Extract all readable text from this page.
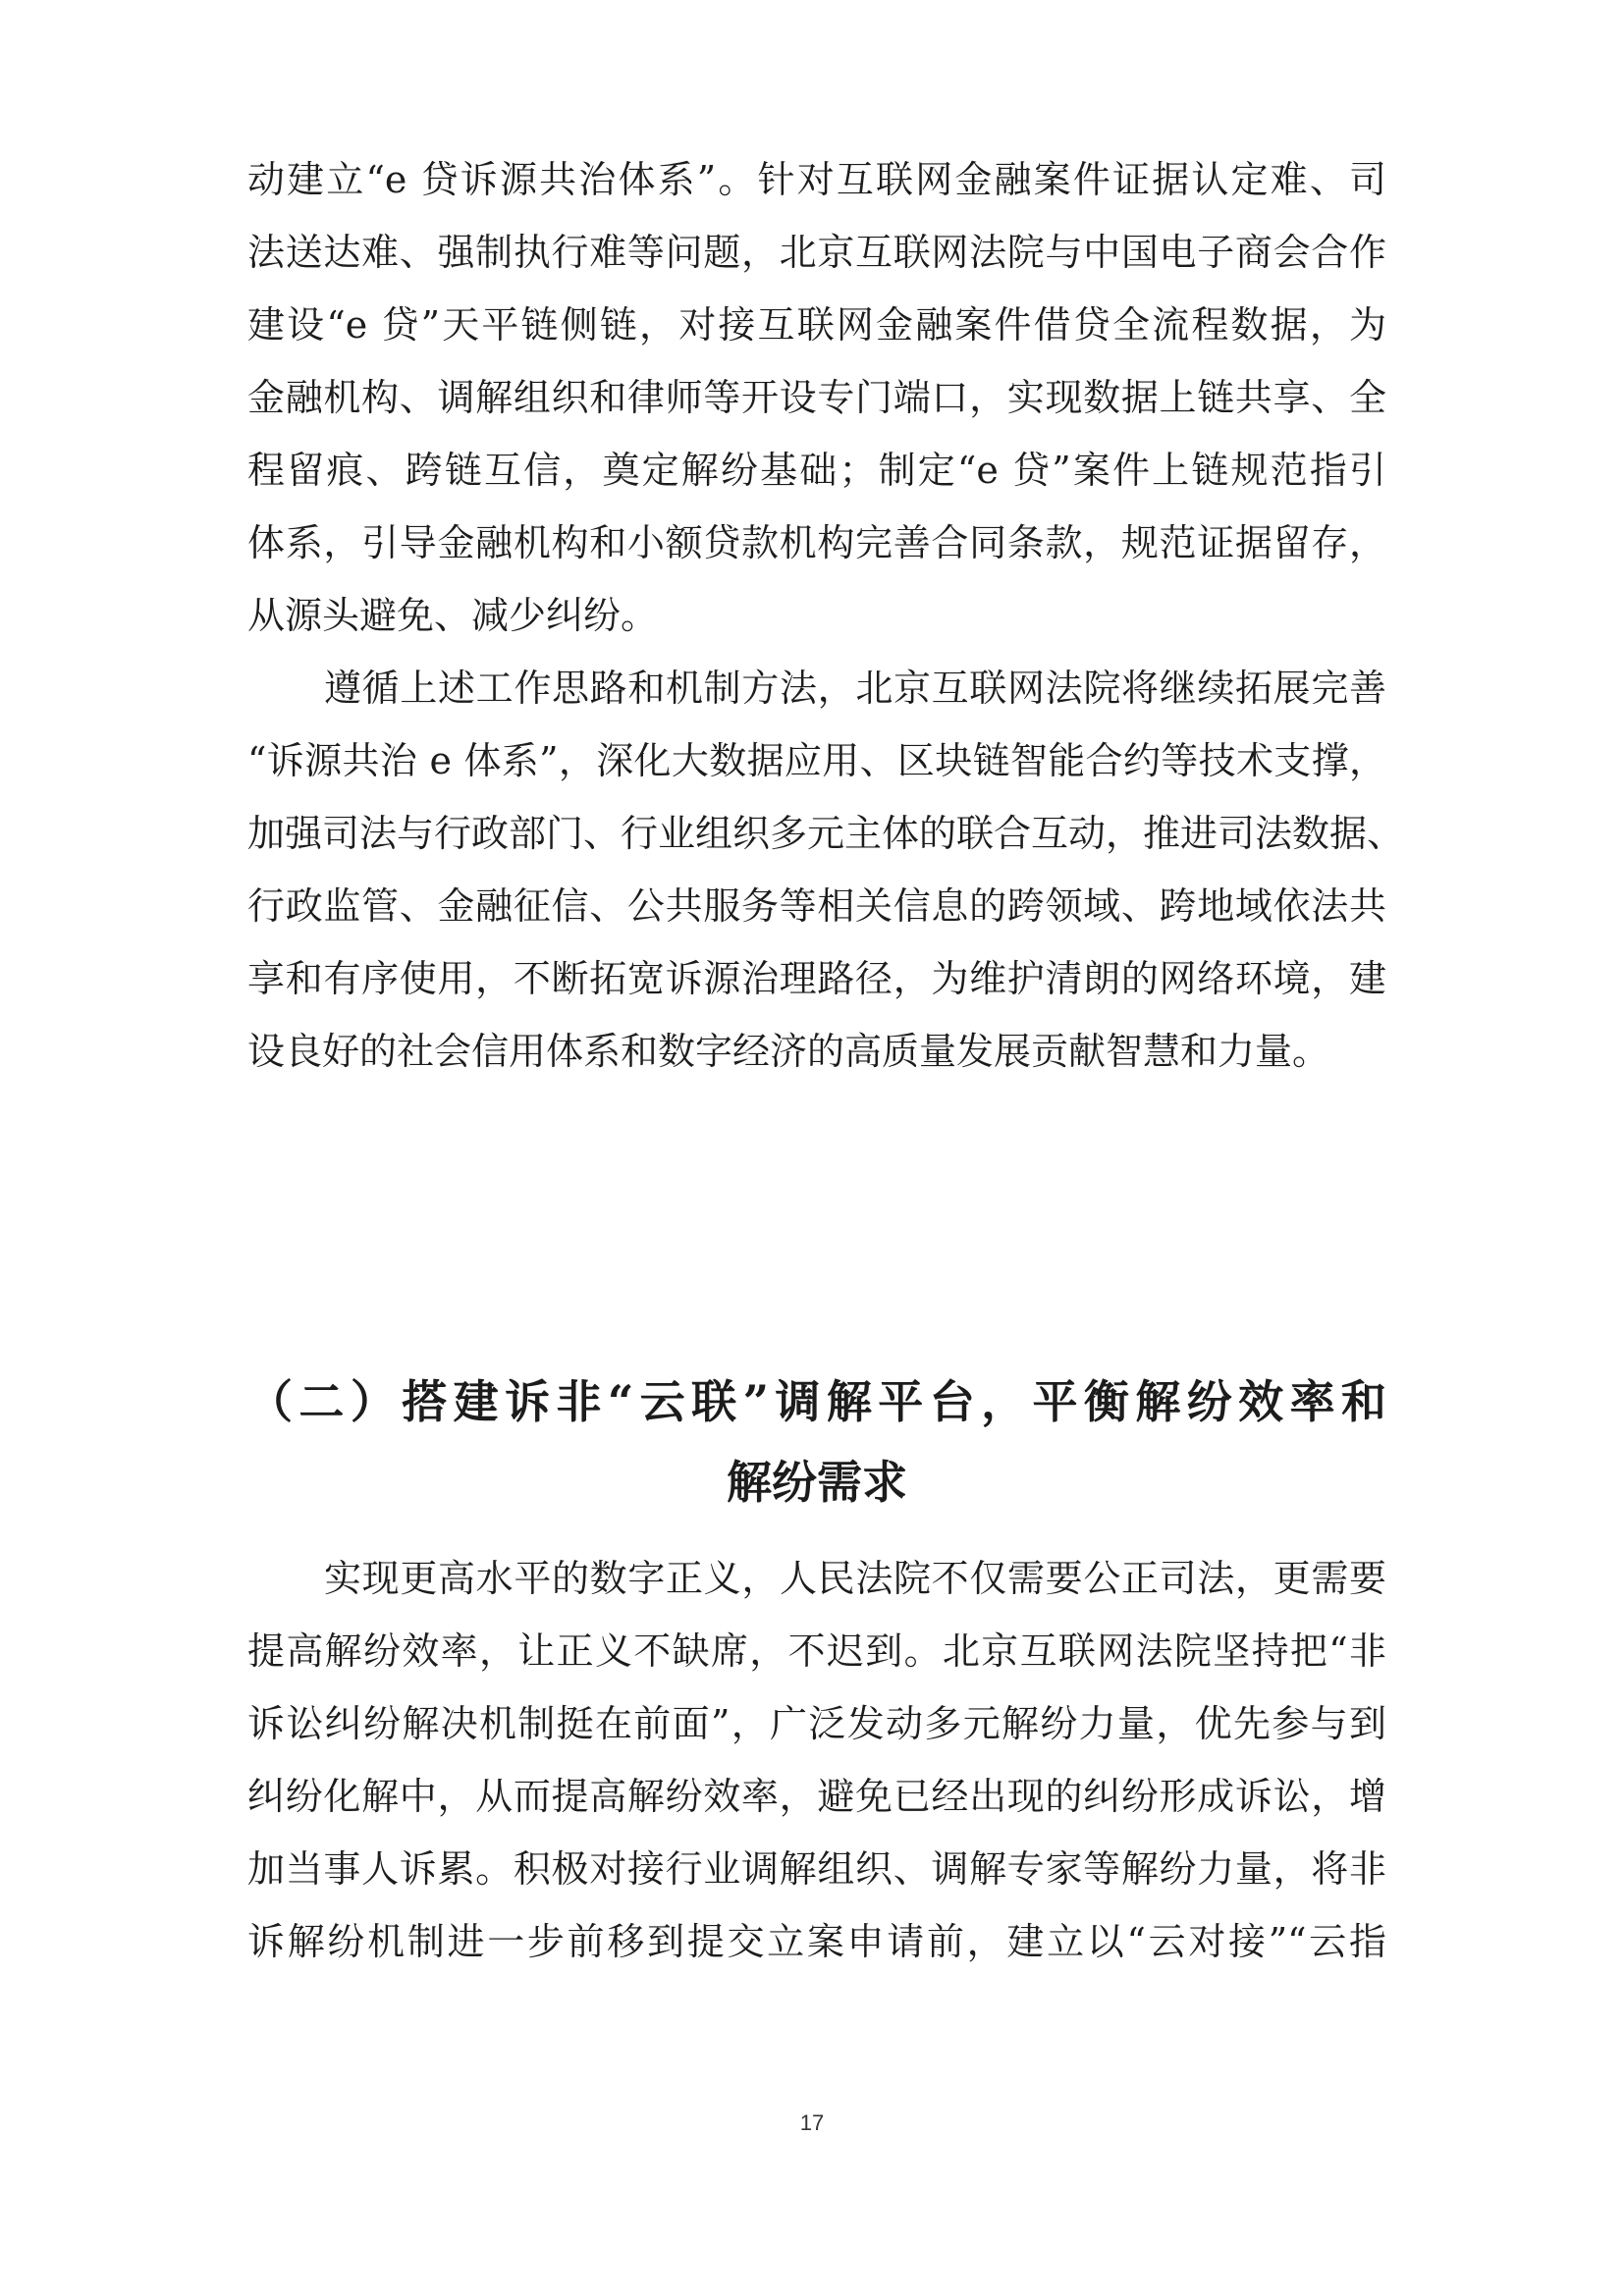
动建立“e 贷诉源共治体系”。针对互联网金融案件证据认定难、司
法送达难、强制执行难等问题，北京互联网法院与中国电子商会合作
建设“e 贷”天平链侧链，对接互联网金融案件借贷全流程数据，为
金融机构、调解组织和律师等开设专门端口，实现数据上链共享、全
程留痕、跨链互信，奠定解纷基础；制定“e 贷”案件上链规范指引
体系，引导金融机构和小额贷款机构完善合同条款，规范证据留存，
从源头避免、减少纠纷。
遵循上述工作思路和机制方法，北京互联网法院将继续拓展完善
“诉源共治 e 体系”，深化大数据应用、区块链智能合约等技术支撑，
加强司法与行政部门、行业组织多元主体的联合互动，推进司法数据、
行政监管、金融征信、公共服务等相关信息的跨领域、跨地域依法共
享和有序使用，不断拓宽诉源治理路径，为维护清朗的网络环境，建
设良好的社会信用体系和数字经济的高质量发展贡献智慧和力量。
（二）搭建诉非“云联”调解平台，平衡解纷效率和
解纷需求
17
实现更高水平的数字正义，人民法院不仅需要公正司法，更需要
提高解纷效率，让正义不缺席，不迟到。北京互联网法院坚持把“非
诉讼纠纷解决机制挺在前面”，广泛发动多元解纷力量，优先参与到
纠纷化解中，从而提高解纷效率，避免已经出现的纠纷形成诉讼，增
加当事人诉累。积极对接行业调解组织、调解专家等解纷力量，将非
诉解纷机制进一步前移到提交立案申请前，建立以“云对接”“云指
